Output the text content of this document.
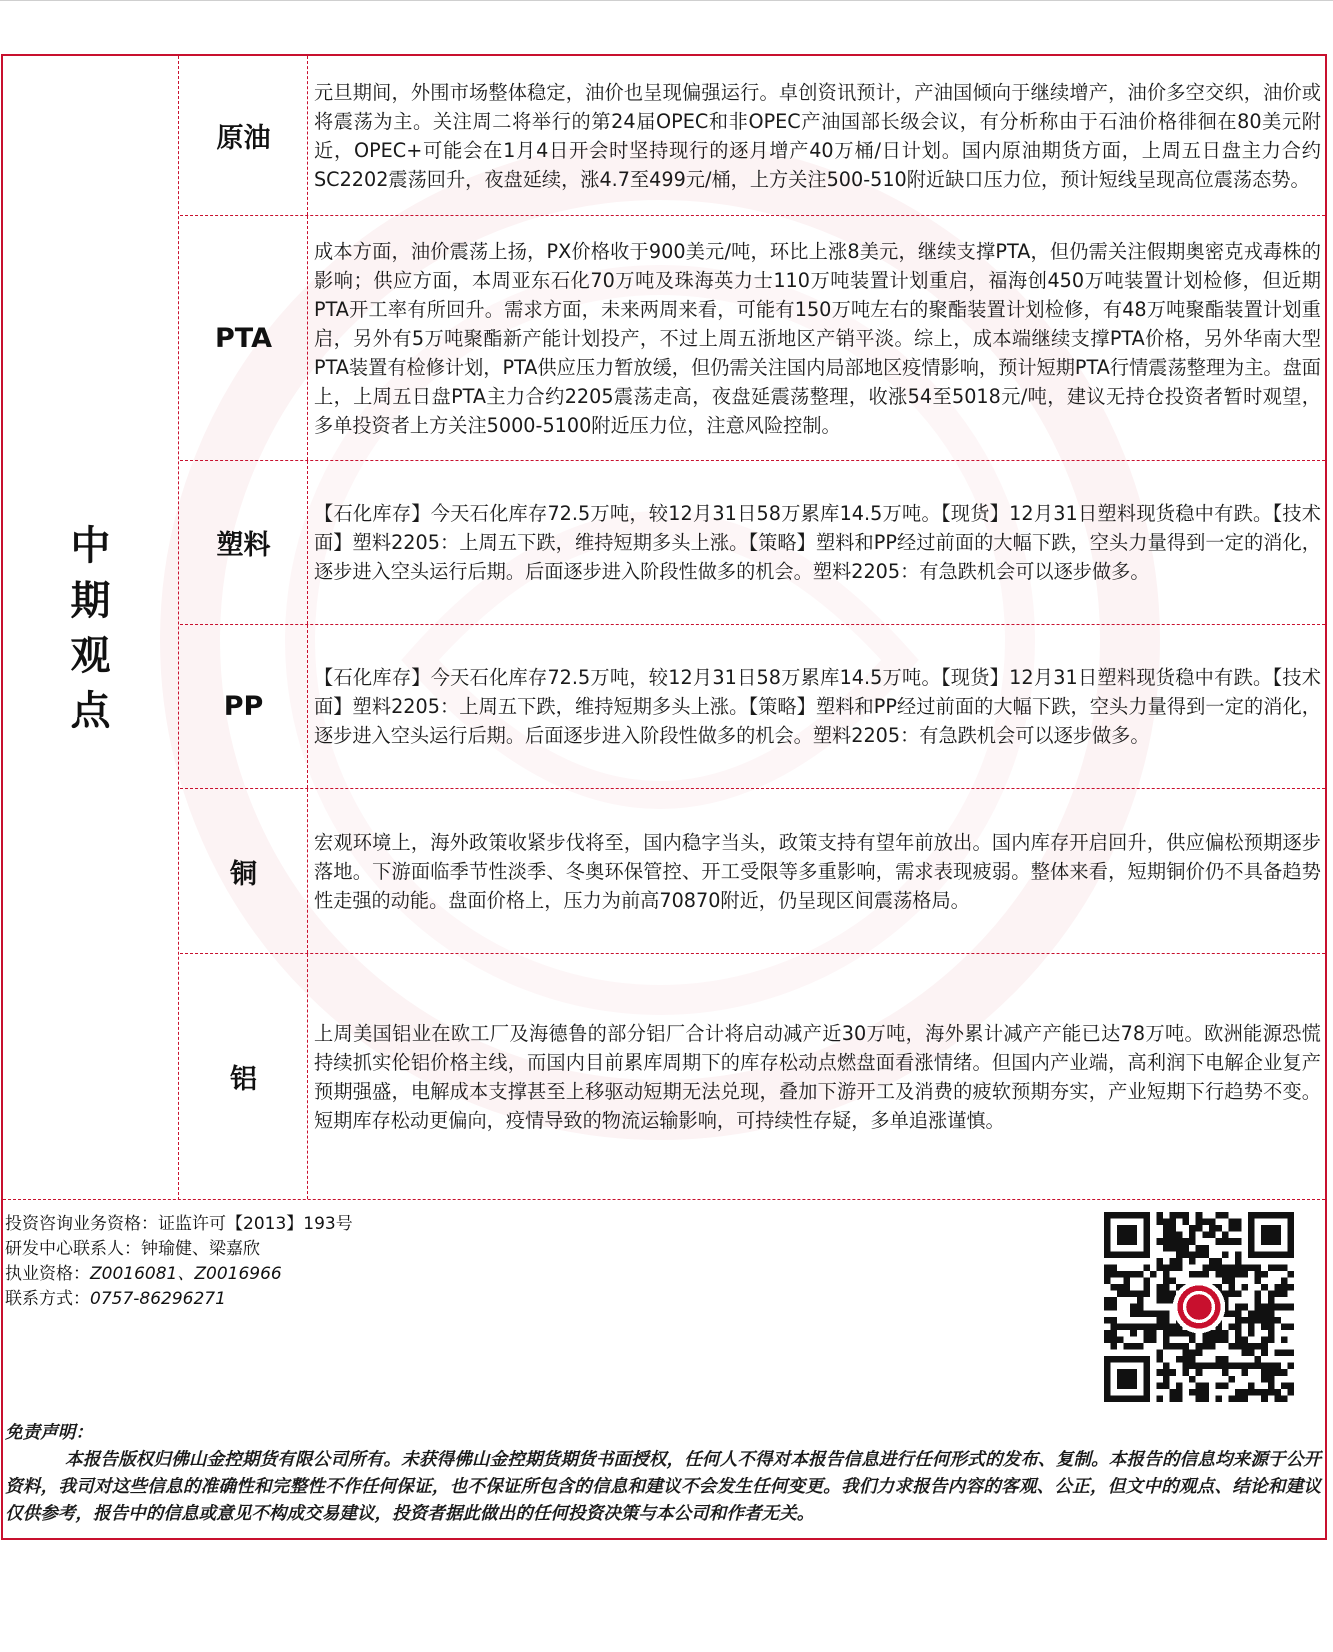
中
期
观
点
原油
元旦期间，外围市场整体稳定，油价也呈现偏强运行。卓创资讯预计，产油国倾向于继续增产，油价多空交织，油价或将震荡为主。关注周二将举行的第24届OPEC和非OPEC产油国部长级会议，有分析称由于石油价格徘徊在80美元附近，OPEC+可能会在1月4日开会时坚持现行的逐月增产40万桶/日计划。国内原油期货方面，上周五日盘主力合约SC2202震荡回升，夜盘延续，涨4.7至499元/桶，上方关注500-510附近缺口压力位，预计短线呈现高位震荡态势。
PTA
成本方面，油价震荡上扬，PX价格收于900美元/吨，环比上涨8美元，继续支撑PTA，但仍需关注假期奥密克戎毒株的影响；供应方面，本周亚东石化70万吨及珠海英力士110万吨装置计划重启，福海创450万吨装置计划检修，但近期PTA开工率有所回升。需求方面，未来两周来看，可能有150万吨左右的聚酯装置计划检修，有48万吨聚酯装置计划重启，另外有5万吨聚酯新产能计划投产，不过上周五浙地区产销平淡。综上，成本端继续支撑PTA价格，另外华南大型PTA装置有检修计划，PTA供应压力暂放缓，但仍需关注国内局部地区疫情影响，预计短期PTA行情震荡整理为主。盘面上，上周五日盘PTA主力合约2205震荡走高，夜盘延震荡整理，收涨54至5018元/吨，建议无持仓投资者暂时观望，多单投资者上方关注5000-5100附近压力位，注意风险控制。
塑料
【石化库存】今天石化库存72.5万吨，较12月31日58万累库14.5万吨。【现货】12月31日塑料现货稳中有跌。【技术面】塑料2205：上周五下跌，维持短期多头上涨。【策略】塑料和PP经过前面的大幅下跌，空头力量得到一定的消化，逐步进入空头运行后期。后面逐步进入阶段性做多的机会。塑料2205：有急跌机会可以逐步做多。
PP
【石化库存】今天石化库存72.5万吨，较12月31日58万累库14.5万吨。【现货】12月31日塑料现货稳中有跌。【技术面】塑料2205：上周五下跌，维持短期多头上涨。【策略】塑料和PP经过前面的大幅下跌，空头力量得到一定的消化，逐步进入空头运行后期。后面逐步进入阶段性做多的机会。塑料2205：有急跌机会可以逐步做多。
铜
宏观环境上，海外政策收紧步伐将至，国内稳字当头，政策支持有望年前放出。国内库存开启回升，供应偏松预期逐步落地。下游面临季节性淡季、冬奥环保管控、开工受限等多重影响，需求表现疲弱。整体来看，短期铜价仍不具备趋势性走强的动能。盘面价格上，压力为前高70870附近，仍呈现区间震荡格局。
铝
上周美国铝业在欧工厂及海德鲁的部分铝厂合计将启动减产近30万吨，海外累计减产产能已达78万吨。欧洲能源恐慌持续抓实伦铝价格主线，而国内目前累库周期下的库存松动点燃盘面看涨情绪。但国内产业端，高利润下电解企业复产预期强盛，电解成本支撑甚至上移驱动短期无法兑现，叠加下游开工及消费的疲软预期夯实，产业短期下行趋势不变。短期库存松动更偏向，疫情导致的物流运输影响，可持续性存疑，多单追涨谨慎。
投资咨询业务资格：证监许可【2013】193号
研发中心联系人：钟瑜健、梁嘉欣
执业资格：Z0016081、Z0016966
联系方式：0757-86296271
免责声明：
本报告版权归佛山金控期货有限公司所有。未获得佛山金控期货期货书面授权，任何人不得对本报告信息进行任何形式的发布、复制。本报告的信息均来源于公开资料，我司对这些信息的准确性和完整性不作任何保证，也不保证所包含的信息和建议不会发生任何变更。我们力求报告内容的客观、公正，但文中的观点、结论和建议仅供参考，报告中的信息或意见不构成交易建议，投资者据此做出的任何投资决策与本公司和作者无关。
